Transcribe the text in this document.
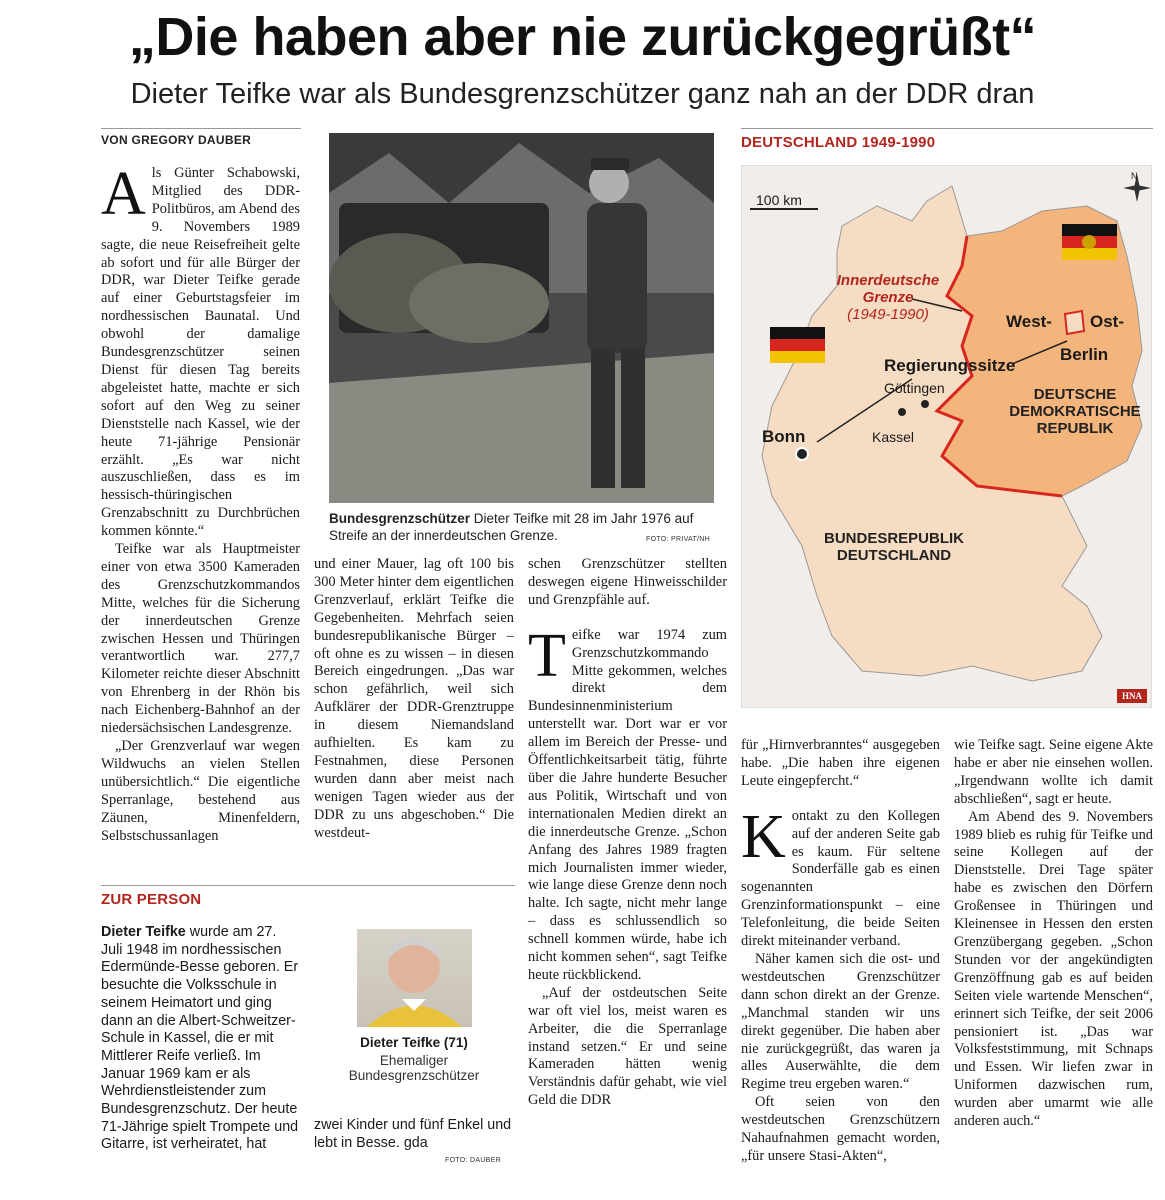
„Die haben aber nie zurückgegrüßt“
Dieter Teifke war als Bundesgrenzschützer ganz nah an der DDR dran
VON GREGORY DAUBER

Als Günter Schabowski, Mitglied des DDR-Politbüros, am Abend des 9. Novembers 1989 sagte, die neue Reisefreiheit gelte ab sofort und für alle Bürger der DDR, war Dieter Teifke gerade auf einer Geburtstagsfeier im nordhessischen Baunatal. Und obwohl der damalige Bundesgrenzschützer seinen Dienst für diesen Tag bereits abgeleistet hatte, machte er sich sofort auf den Weg zu seiner Dienststelle nach Kassel, wie der heute 71-jährige Pensionär erzählt. „Es war nicht auszuschließen, dass es im hessisch-thüringischen Grenzabschnitt zu Durchbrüchen kommen könnte.“

Teifke war als Hauptmeister einer von etwa 3500 Kameraden des Grenzschutzkommandos Mitte, welches für die Sicherung der innerdeutschen Grenze zwischen Hessen und Thüringen verantwortlich war. 277,7 Kilometer reichte dieser Abschnitt von Ehrenberg in der Rhön bis nach Eichenberg-Bahnhof an der niedersächsischen Landesgrenze.

„Der Grenzverlauf war wegen Wildwuchs an vielen Stellen unübersichtlich.“ Die eigentliche Sperranlage, bestehend aus Zäunen, Minenfeldern, Selbstschussanlagen

Bundesgrenzschützer Dieter Teifke mit 28 im Jahr 1976 auf Streife an der innerdeutschen Grenze.	FOTO: PRIVAT/NH

und einer Mauer, lag oft 100 bis 300 Meter hinter dem eigentlichen Grenzverlauf, erklärt Teifke die Gegebenheiten. Mehrfach seien bundesrepublikanische Bürger – oft ohne es zu wissen – in diesen Bereich eingedrungen. „Das war schon gefährlich, weil sich Aufklärer der DDR-Grenztruppe in diesem Niemandsland aufhielten. Es kam zu Festnahmen, diese Personen wurden dann aber meist nach wenigen Tagen wieder aus der DDR zu uns abgeschoben.“ Die westdeut-

schen Grenzschützer stellten deswegen eigene Hinweisschilder und Grenzpfähle auf.

Teifke war 1974 zum Grenzschutzkommando Mitte gekommen, welches direkt dem Bundesinnenministerium unterstellt war. Dort war er vor allem im Bereich der Presse- und Öffentlichkeitsarbeit tätig, führte über die Jahre hunderte Besucher aus Politik, Wirtschaft und von internationalen Medien direkt an die innerdeutsche Grenze. „Schon Anfang des Jahres 1989 fragten mich Journalisten immer wieder, wie lange diese Grenze denn noch halte. Ich sagte, nicht mehr lange – dass es schlussendlich so schnell kommen würde, habe ich nicht kommen sehen“, sagt Teifke heute rückblickend.

„Auf der ostdeutschen Seite war oft viel los, meist waren es Arbeiter, die die Sperranlage instand setzen.“ Er und seine Kameraden hätten wenig Verständnis dafür gehabt, wie viel Geld die DDR

DEUTSCHLAND 1949-1990
100 km
N
Innerdeutsche
Grenze
(1949-1990)	West- Ost-
Berlin
Regierungssitze
Göttingen
Kassel
Bonn
DEUTSCHE
DEMOKRATISCHE
REPUBLIK
BUNDESREPUBLIK
DEUTSCHLAND
HNA

für „Hirnverbranntes“ ausgegeben habe. „Die haben ihre eigenen Leute eingepfercht.“

Kontakt zu den Kollegen auf der anderen Seite gab es kaum. Für seltene Sonderfälle gab es einen sogenannten Grenzinformationspunkt – eine Telefonleitung, die beide Seiten direkt miteinander verband.

Näher kamen sich die ost- und westdeutschen Grenzschützer dann schon direkt an der Grenze. „Manchmal standen wir uns direkt gegenüber. Die haben aber nie zurückgegrüßt, das waren ja alles Auserwählte, die dem Regime treu ergeben waren.“

Oft seien von den westdeutschen Grenzschützern Nahaufnahmen gemacht worden, „für unsere Stasi-Akten“,

wie Teifke sagt. Seine eigene Akte habe er aber nie einsehen wollen. „Irgendwann wollte ich damit abschließen“, sagt er heute.

Am Abend des 9. Novembers 1989 blieb es ruhig für Teifke und seine Kollegen auf der Dienststelle. Drei Tage später habe es zwischen den Dörfern Großensee in Thüringen und Kleinensee in Hessen den ersten Grenzübergang gegeben. „Schon Stunden vor der angekündigten Grenzöffnung gab es auf beiden Seiten viele wartende Menschen“, erinnert sich Teifke, der seit 2006 pensioniert ist. „Das war Volksfeststimmung, mit Schnaps und Essen. Wir liefen zwar in Uniformen dazwischen rum, wurden aber umarmt wie alle anderen auch.“

ZUR PERSON
Dieter Teifke wurde am 27. Juli 1948 im nordhessischen Edermünde-Besse geboren. Er besuchte die Volksschule in seinem Heimatort und ging dann an die Albert-Schweitzer-Schule in Kassel, die er mit Mittlerer Reife verließ. Im Januar 1969 kam er als Wehrdienstleistender zum Bundesgrenzschutz. Der heute 71-Jährige spielt Trompete und Gitarre, ist verheiratet, hat
Dieter Teifke (71)
Ehemaliger Bundesgrenzschützer
zwei Kinder und fünf Enkel und lebt in Besse. gda
FOTO: DAUBER
